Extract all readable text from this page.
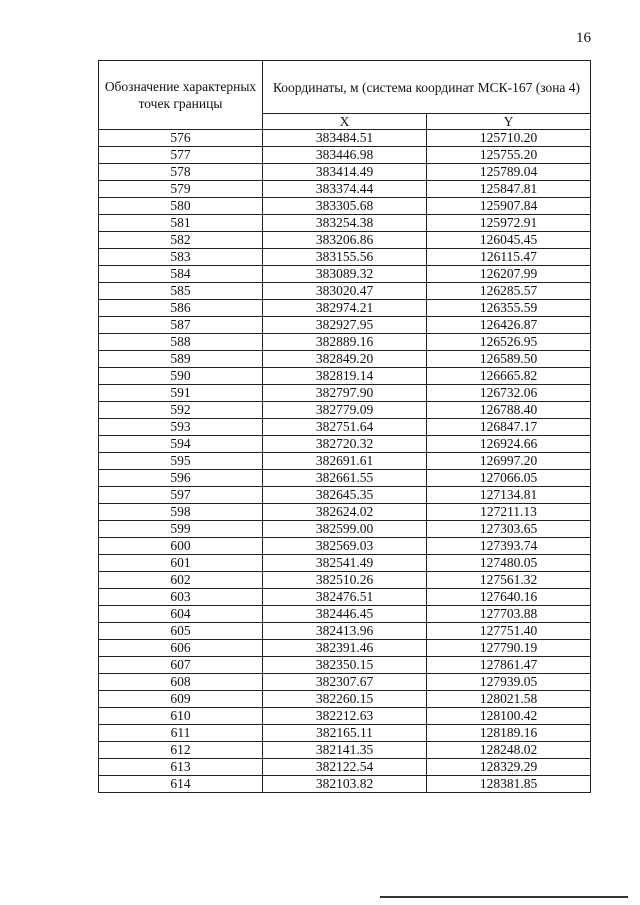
16
Обозначение характерных точек границы	Координаты, м (система координат МСК-167 (зона 4)	
	X	Y
576	383484.51	125710.20
577	383446.98	125755.20
578	383414.49	125789.04
579	383374.44	125847.81
580	383305.68	125907.84
581	383254.38	125972.91
582	383206.86	126045.45
583	383155.56	126115.47
584	383089.32	126207.99
585	383020.47	126285.57
586	382974.21	126355.59
587	382927.95	126426.87
588	382889.16	126526.95
589	382849.20	126589.50
590	382819.14	126665.82
591	382797.90	126732.06
592	382779.09	126788.40
593	382751.64	126847.17
594	382720.32	126924.66
595	382691.61	126997.20
596	382661.55	127066.05
597	382645.35	127134.81
598	382624.02	127211.13
599	382599.00	127303.65
600	382569.03	127393.74
601	382541.49	127480.05
602	382510.26	127561.32
603	382476.51	127640.16
604	382446.45	127703.88
605	382413.96	127751.40
606	382391.46	127790.19
607	382350.15	127861.47
608	382307.67	127939.05
609	382260.15	128021.58
610	382212.63	128100.42
611	382165.11	128189.16
612	382141.35	128248.02
613	382122.54	128329.29
614	382103.82	128381.85
